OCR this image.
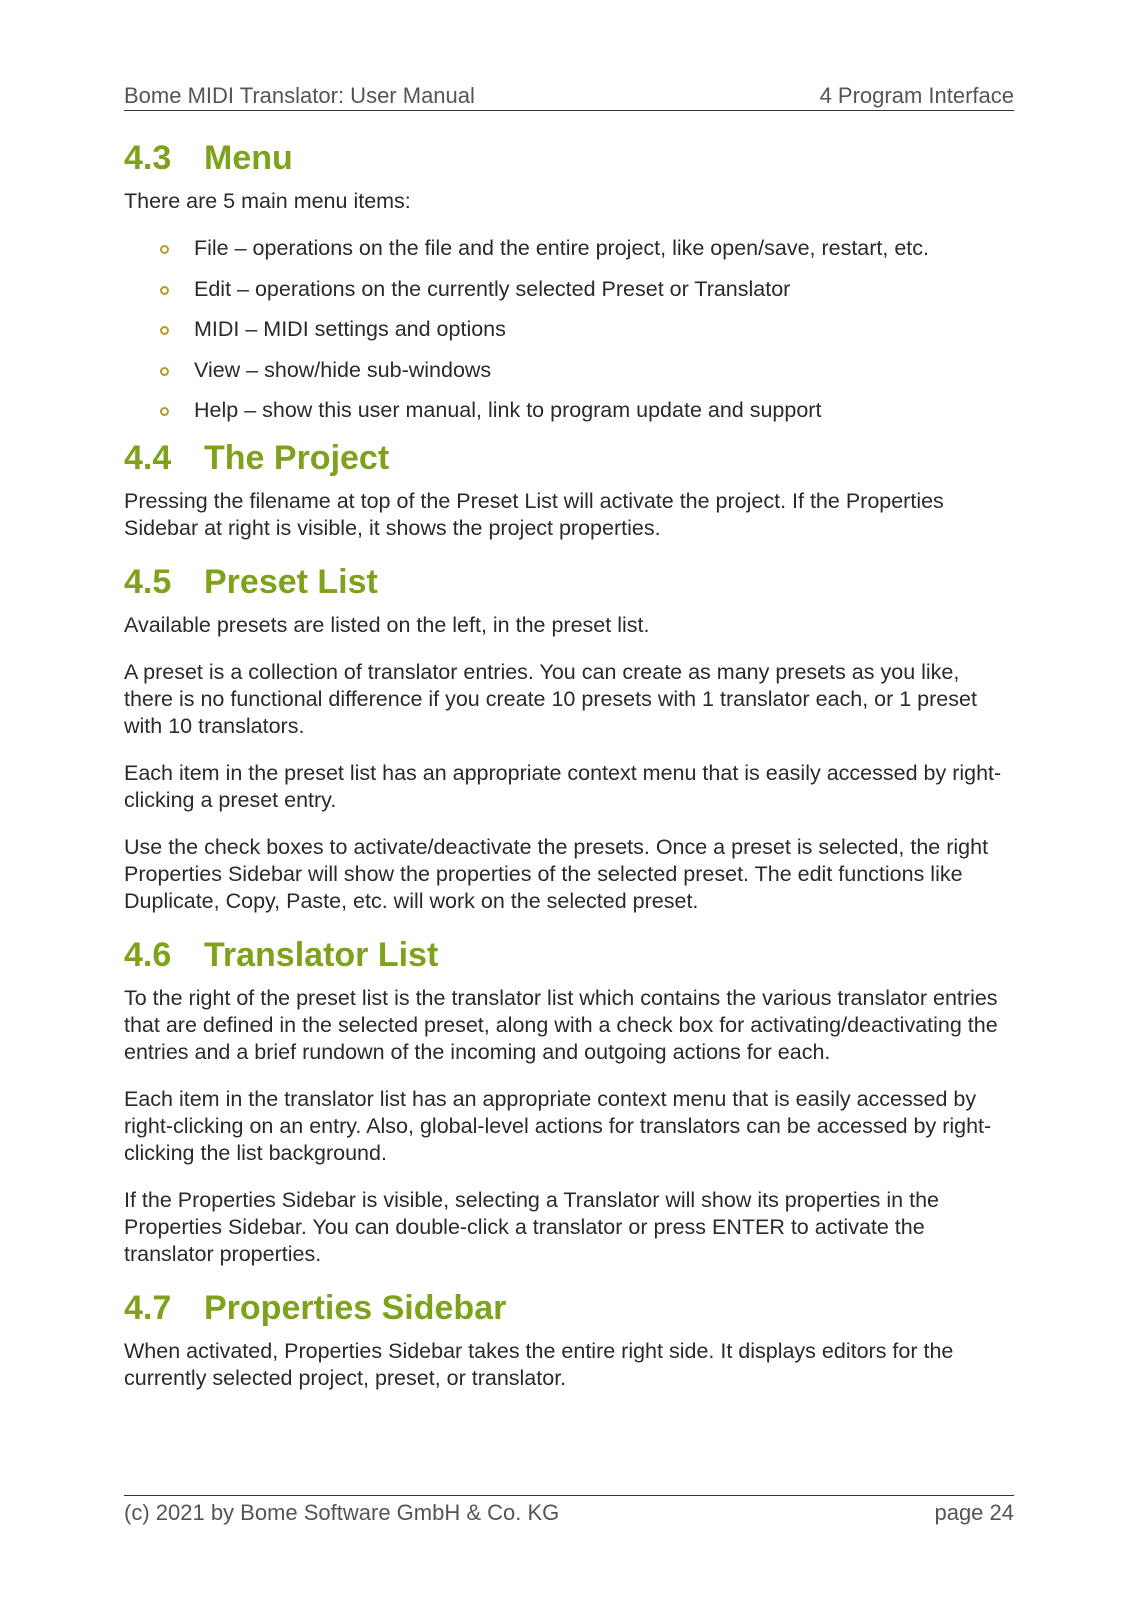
Bome MIDI Translator: User Manual	4 Program Interface
4.3 Menu

There are 5 main menu items:

File – operations on the file and the entire project, like open/save, restart, etc.
Edit – operations on the currently selected Preset or Translator
MIDI – MIDI settings and options
View – show/hide sub-windows
Help – show this user manual, link to program update and support
4.4 The Project

Pressing the filename at top of the Preset List will activate the project. If the Properties Sidebar at right is visible, it shows the project properties.

4.5 Preset List

Available presets are listed on the left, in the preset list.

A preset is a collection of translator entries. You can create as many presets as you like, there is no functional difference if you create 10 presets with 1 translator each, or 1 preset with 10 translators.

Each item in the preset list has an appropriate context menu that is easily accessed by right-clicking a preset entry.

Use the check boxes to activate/deactivate the presets. Once a preset is selected, the right Properties Sidebar will show the properties of the selected preset. The edit functions like Duplicate, Copy, Paste, etc. will work on the selected preset.

4.6 Translator List

To the right of the preset list is the translator list which contains the various translator entries that are defined in the selected preset, along with a check box for activating/deactivating the entries and a brief rundown of the incoming and outgoing actions for each.

Each item in the translator list has an appropriate context menu that is easily accessed by right-clicking on an entry. Also, global-level actions for translators can be accessed by right-clicking the list background.

If the Properties Sidebar is visible, selecting a Translator will show its properties in the Properties Sidebar. You can double-click a translator or press ENTER to activate the translator properties.

4.7 Properties Sidebar

When activated, Properties Sidebar takes the entire right side. It displays editors for the currently selected project, preset, or translator.

(c) 2021 by Bome Software GmbH & Co. KG	page 24
